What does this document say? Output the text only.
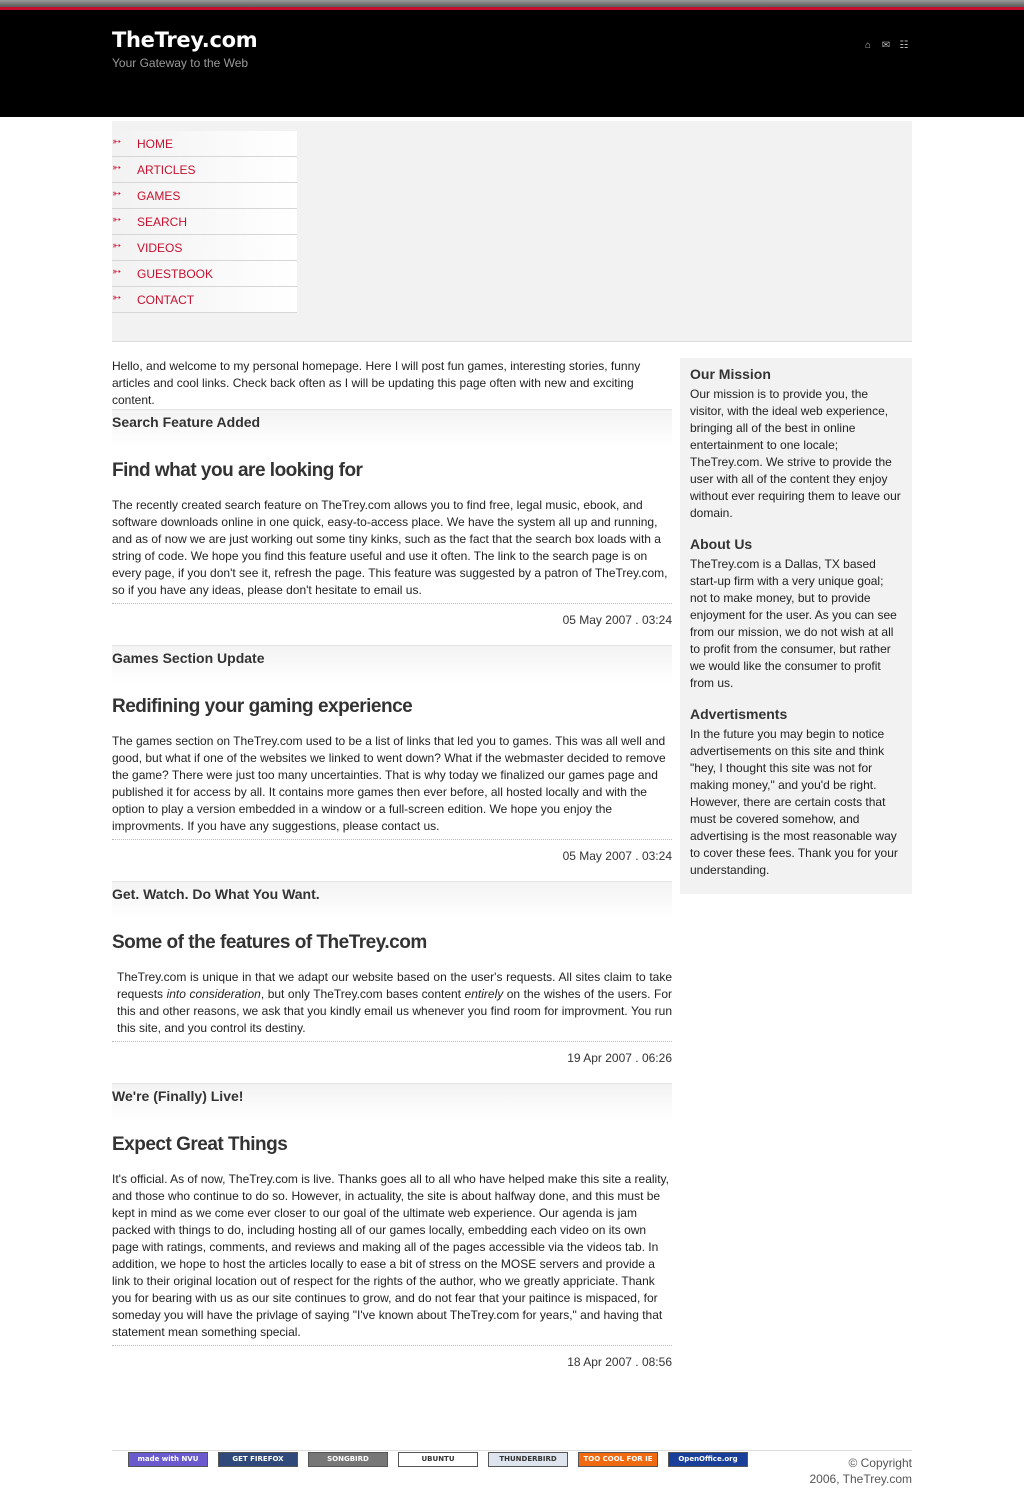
TheTrey.com
Your Gateway to the Web
⌂ ✉ ☷
➳	HOME
➳	ARTICLES
➳	GAMES
➳	SEARCH
➳	VIDEOS
➳	GUESTBOOK
➳	CONTACT

Hello, and welcome to my personal homepage. Here I will post fun games, interesting stories, funny articles and cool links. Check back often as I will be updating this page often with new and exciting content.

Search Feature Added
Find what you are looking for

The recently created search feature on TheTrey.com allows you to find free, legal music, ebook, and software downloads online in one quick, easy-to-access place. We have the system all up and running, and as of now we are just working out some tiny kinks, such as the fact that the search box loads with a string of code. We hope you find this feature useful and use it often. The link to the search page is on every page, if you don't see it, refresh the page. This feature was suggested by a patron of TheTrey.com, so if you have any ideas, please don't hesitate to email us.

05 May 2007 . 03:24
Games Section Update
Redifining your gaming experience

The games section on TheTrey.com used to be a list of links that led you to games. This was all well and good, but what if one of the websites we linked to went down? What if the webmaster decided to remove the game? There were just too many uncertainties. That is why today we finalized our games page and published it for access by all. It contains more games then ever before, all hosted locally and with the option to play a version embedded in a window or a full-screen edition. We hope you enjoy the improvments. If you have any suggestions, please contact us.

05 May 2007 . 03:24
Get. Watch. Do What You Want.
Some of the features of TheTrey.com

TheTrey.com is unique in that we adapt our website based on the user's requests. All sites claim to take requests into consideration, but only TheTrey.com bases content entirely on the wishes of the users. For this and other reasons, we ask that you kindly email us whenever you find room for improvment. You run this site, and you control its destiny.

19 Apr 2007 . 06:26
We're (Finally) Live!
Expect Great Things

It's official. As of now, TheTrey.com is live. Thanks goes all to all who have helped make this site a reality, and those who continue to do so. However, in actuality, the site is about halfway done, and this must be kept in mind as we come ever closer to our goal of the ultimate web experience. Our agenda is jam packed with things to do, including hosting all of our games locally, embedding each video on its own page with ratings, comments, and reviews and making all of the pages accessible via the videos tab. In addition, we hope to host the articles locally to ease a bit of stress on the MOSE servers and provide a link to their original location out of respect for the rights of the author, who we greatly appriciate. Thank you for bearing with us as our site continues to grow, and do not fear that your paitince is mispaced, for someday you will have the privlage of saying "I've known about TheTrey.com for years," and having that statement mean something special.

18 Apr 2007 . 08:56
Our Mission

Our mission is to provide you, the visitor, with the ideal web experience, bringing all of the best in online entertainment to one locale; TheTrey.com. We strive to provide the user with all of the content they enjoy without ever requiring them to leave our domain.

About Us

TheTrey.com is a Dallas, TX based start-up firm with a very unique goal; not to make money, but to provide enjoyment for the user. As you can see from our mission, we do not wish at all to profit from the consumer, but rather we would like the consumer to profit from us.

Advertisments

In the future you may begin to notice advertisements on this site and think "hey, I thought this site was not for making money," and you'd be right. However, there are certain costs that must be covered somehow, and advertising is the most reasonable way to cover these fees. Thank you for your understanding.

made with NVU	GET FIREFOX	SONGBIRD	UBUNTU	THUNDERBIRD	TOO COOL FOR IE	OpenOffice.org	© Copyright
2006, TheTrey.com
